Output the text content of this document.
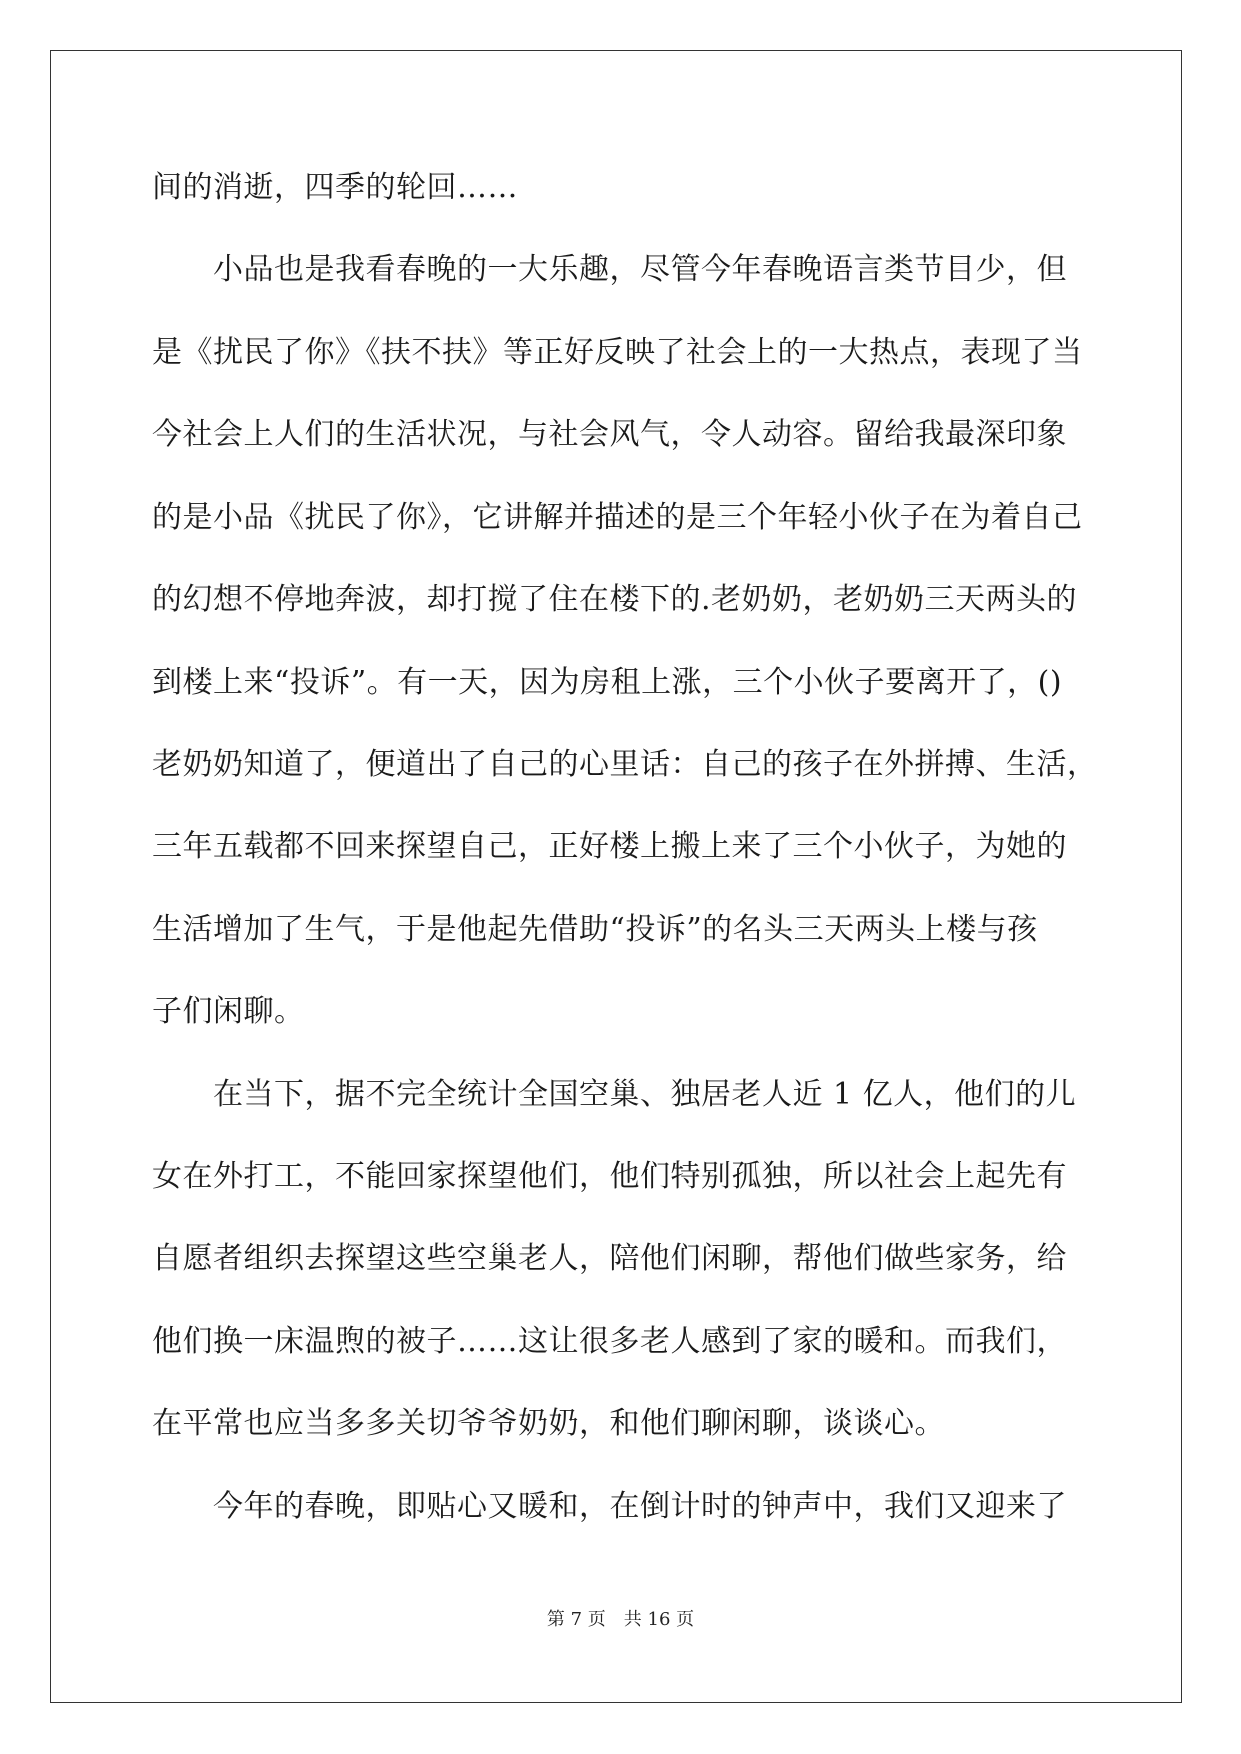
间的消逝，四季的轮回……
　　小品也是我看春晚的一大乐趣，尽管今年春晚语言类节目少，但
是《扰民了你》《扶不扶》等正好反映了社会上的一大热点，表现了当
今社会上人们的生活状况，与社会风气，令人动容。留给我最深印象
的是小品《扰民了你》，它讲解并描述的是三个年轻小伙子在为着自己
的幻想不停地奔波，却打搅了住在楼下的.老奶奶，老奶奶三天两头的
到楼上来“投诉”。有一天，因为房租上涨，三个小伙子要离开了，()
老奶奶知道了，便道出了自己的心里话：自己的孩子在外拼搏、生活，
三年五载都不回来探望自己，正好楼上搬上来了三个小伙子，为她的
生活增加了生气，于是他起先借助“投诉”的名头三天两头上楼与孩
子们闲聊。
　　在当下，据不完全统计全国空巢、独居老人近 1 亿人，他们的儿
女在外打工，不能回家探望他们，他们特别孤独，所以社会上起先有
自愿者组织去探望这些空巢老人，陪他们闲聊，帮他们做些家务，给
他们换一床温煦的被子……这让很多老人感到了家的暖和。而我们，
在平常也应当多多关切爷爷奶奶，和他们聊闲聊，谈谈心。
　　今年的春晚，即贴心又暖和，在倒计时的钟声中，我们又迎来了
第 7 页 共 16 页
